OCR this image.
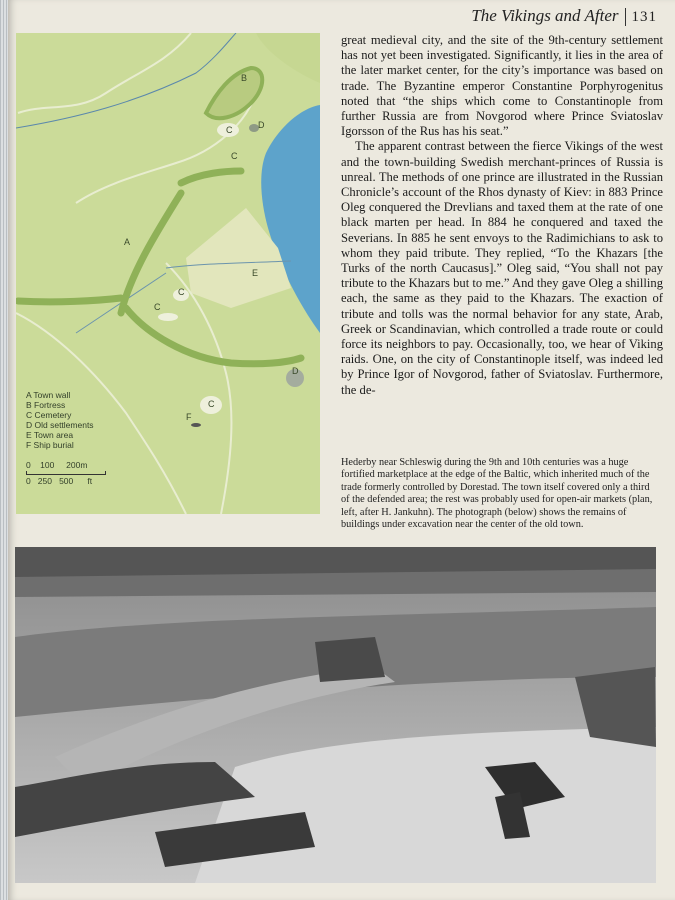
The Vikings and After 131
A
B
C
C
C
C
C
D
D
E
F
A Town wall
B Fortress
C Cemetery
D Old settlements
E Town area
F Ship burial
0    100     200m
0   250   500      ft

great medieval city, and the site of the 9th-century settlement has not yet been investigated. Significantly, it lies in the area of the later market center, for the city’s importance was based on trade. The Byzantine emperor Constantine Porphyrogenitus noted that “the ships which come to Constantinople from further Russia are from Novgorod where Prince Sviatoslav Igorsson of the Rus has his seat.”

The apparent contrast between the fierce Vikings of the west and the town-building Swedish merchant-princes of Russia is unreal. The methods of one prince are illustrated in the Russian Chronicle’s account of the Rhos dynasty of Kiev: in 883 Prince Oleg conquered the Drevlians and taxed them at the rate of one black marten per head. In 884 he conquered and taxed the Severians. In 885 he sent envoys to the Radimichians to ask to whom they paid tribute. They replied, “To the Khazars [the Turks of the north Caucasus].” Oleg said, “You shall not pay tribute to the Khazars but to me.” And they gave Oleg a shilling each, the same as they paid to the Khazars. The exaction of tribute and tolls was the normal behavior for any state, Arab, Greek or Scandinavian, which controlled a trade route or could force its neighbors to pay. Occasionally, too, we hear of Viking raids. One, on the city of Constantinople itself, was indeed led by Prince Igor of Novgorod, father of Sviatoslav. Furthermore, the de-

Hederby near Schleswig during the 9th and 10th centuries was a huge fortified marketplace at the edge of the Baltic, which inherited much of the trade formerly controlled by Dorestad. The town itself covered only a third of the defended area; the rest was probably used for open-air markets (plan, left, after H. Jankuhn). The photograph (below) shows the remains of buildings under excavation near the center of the old town.
